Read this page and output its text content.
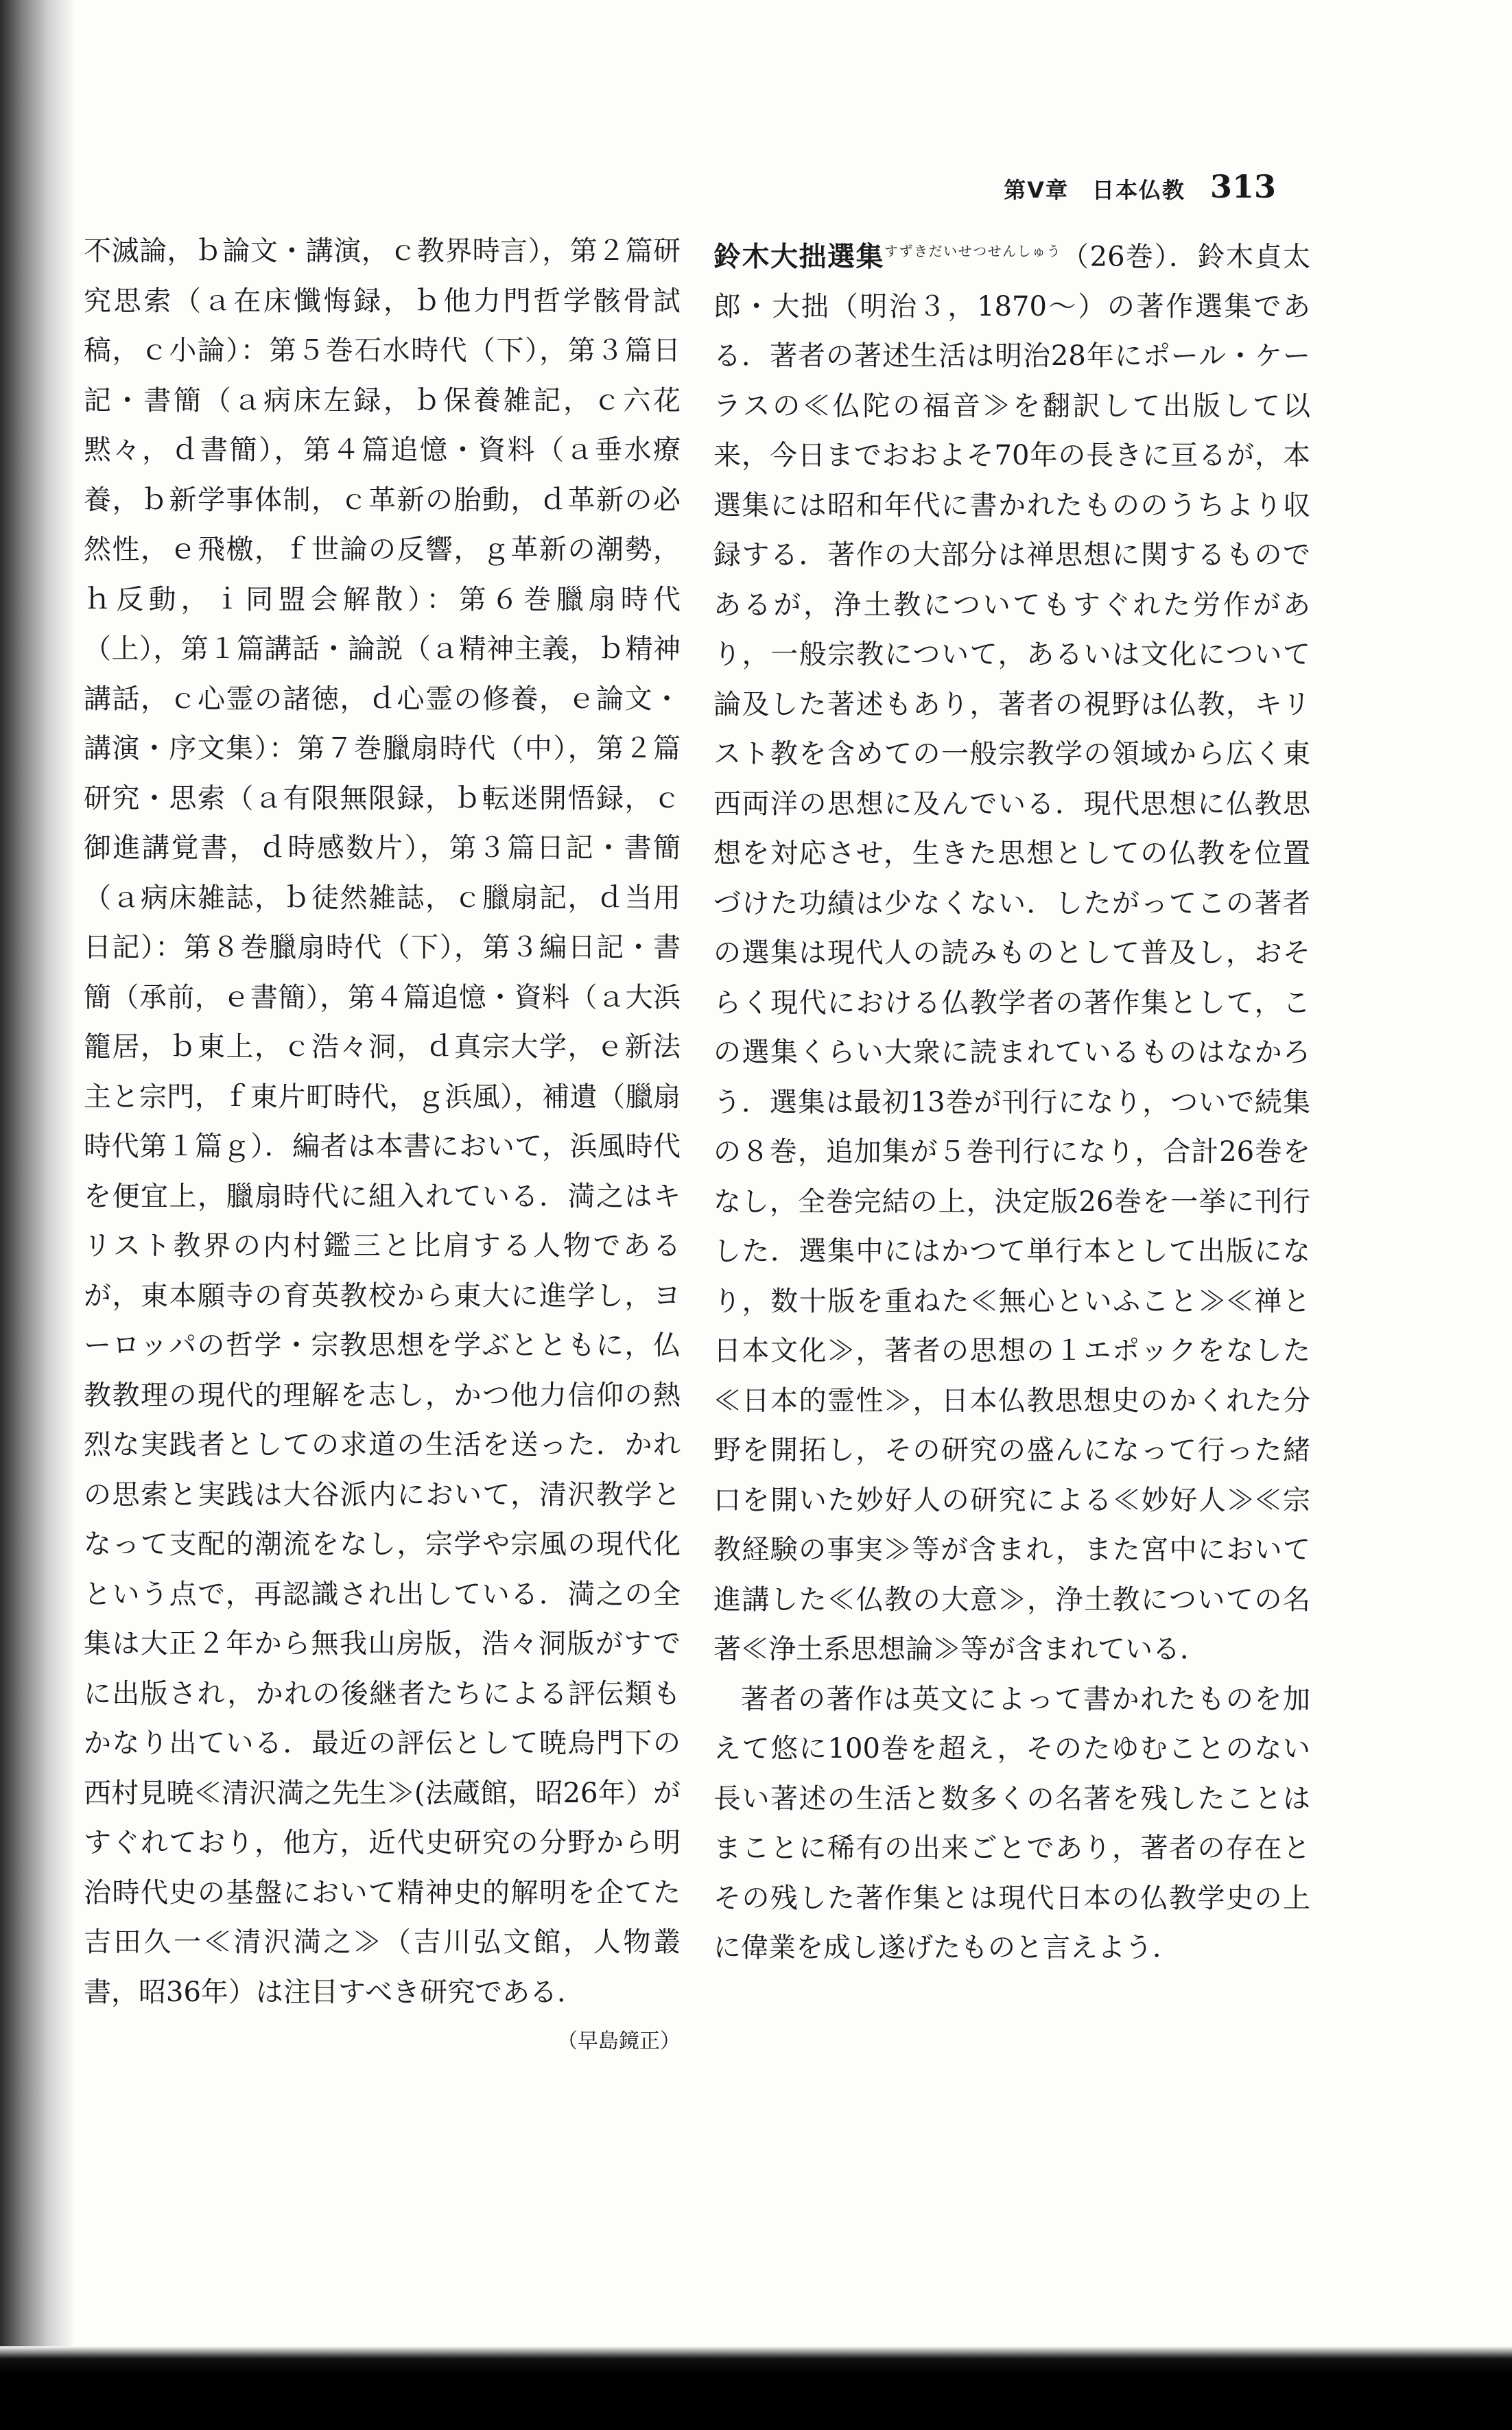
第Ⅴ章　日本仏教 313

不滅論，ｂ論文・講演，ｃ教界時言），第２篇研究思索（ａ在床懺悔録，ｂ他力門哲学骸骨試稿，ｃ小論）：第５巻石水時代（下），第３篇日記・書簡（ａ病床左録，ｂ保養雑記，ｃ六花黙々，ｄ書簡），第４篇追憶・資料（ａ垂水療養，ｂ新学事体制，ｃ革新の胎動，ｄ革新の必然性，ｅ飛檄，ｆ世論の反響，ｇ革新の潮勢，ｈ反動，ｉ同盟会解散）：第６巻臘扇時代（上），第１篇講話・論説（ａ精神主義，ｂ精神講話，ｃ心霊の諸徳，ｄ心霊の修養，ｅ論文・講演・序文集）：第７巻臘扇時代（中），第２篇研究・思索（ａ有限無限録，ｂ転迷開悟録，ｃ御進講覚書，ｄ時感数片），第３篇日記・書簡（ａ病床雑誌，ｂ徒然雑誌，ｃ臘扇記，ｄ当用日記）：第８巻臘扇時代（下），第３編日記・書簡（承前，ｅ書簡），第４篇追憶・資料（ａ大浜籠居，ｂ東上，ｃ浩々洞，ｄ真宗大学，ｅ新法主と宗門，ｆ東片町時代，ｇ浜風），補遺（臘扇時代第１篇ｇ）．編者は本書において，浜風時代を便宜上，臘扇時代に組入れている．満之はキリスト教界の内村鑑三と比肩する人物であるが，東本願寺の育英教校から東大に進学し，ヨーロッパの哲学・宗教思想を学ぶとともに，仏教教理の現代的理解を志し，かつ他力信仰の熱烈な実践者としての求道の生活を送った．かれの思索と実践は大谷派内において，清沢教学となって支配的潮流をなし，宗学や宗風の現代化という点で，再認識され出している．満之の全集は大正２年から無我山房版，浩々洞版がすでに出版され，かれの後継者たちによる評伝類もかなり出ている．最近の評伝として暁烏門下の西村見暁≪清沢満之先生≫(法蔵館，昭26年）がすぐれており，他方，近代史研究の分野から明治時代史の基盤において精神史的解明を企てた吉田久一≪清沢満之≫（吉川弘文館，人物叢書，昭36年）は注目すべき研究である．

（早島鏡正）

鈴木大拙選集$^{すずきだいせつせんしゅう}$（26巻）．鈴木貞太郎・大拙（明治３，1870～）の著作選集である．著者の著述生活は明治28年にポール・ケーラスの≪仏陀の福音≫を翻訳して出版して以来，今日までおおよそ70年の長きに亘るが，本選集には昭和年代に書かれたもののうちより収録する．著作の大部分は禅思想に関するものであるが，浄土教についてもすぐれた労作があり，一般宗教について，あるいは文化について論及した著述もあり，著者の視野は仏教，キリスト教を含めての一般宗教学の領域から広く東西両洋の思想に及んでいる．現代思想に仏教思想を対応させ，生きた思想としての仏教を位置づけた功績は少なくない．したがってこの著者の選集は現代人の読みものとして普及し，おそらく現代における仏教学者の著作集として，この選集くらい大衆に読まれているものはなかろう．選集は最初13巻が刊行になり，ついで続集の８巻，追加集が５巻刊行になり，合計26巻をなし，全巻完結の上，決定版26巻を一挙に刊行した．選集中にはかつて単行本として出版になり，数十版を重ねた≪無心といふこと≫≪禅と日本文化≫，著者の思想の１エポックをなした≪日本的霊性≫，日本仏教思想史のかくれた分野を開拓し，その研究の盛んになって行った緒口を開いた妙好人の研究による≪妙好人≫≪宗教経験の事実≫等が含まれ，また宮中において進講した≪仏教の大意≫，浄土教についての名著≪浄土系思想論≫等が含まれている．

著者の著作は英文によって書かれたものを加えて悠に100巻を超え，そのたゆむことのない長い著述の生活と数多くの名著を残したことはまことに稀有の出来ごとであり，著者の存在とその残した著作集とは現代日本の仏教学史の上に偉業を成し遂げたものと言えよう．
